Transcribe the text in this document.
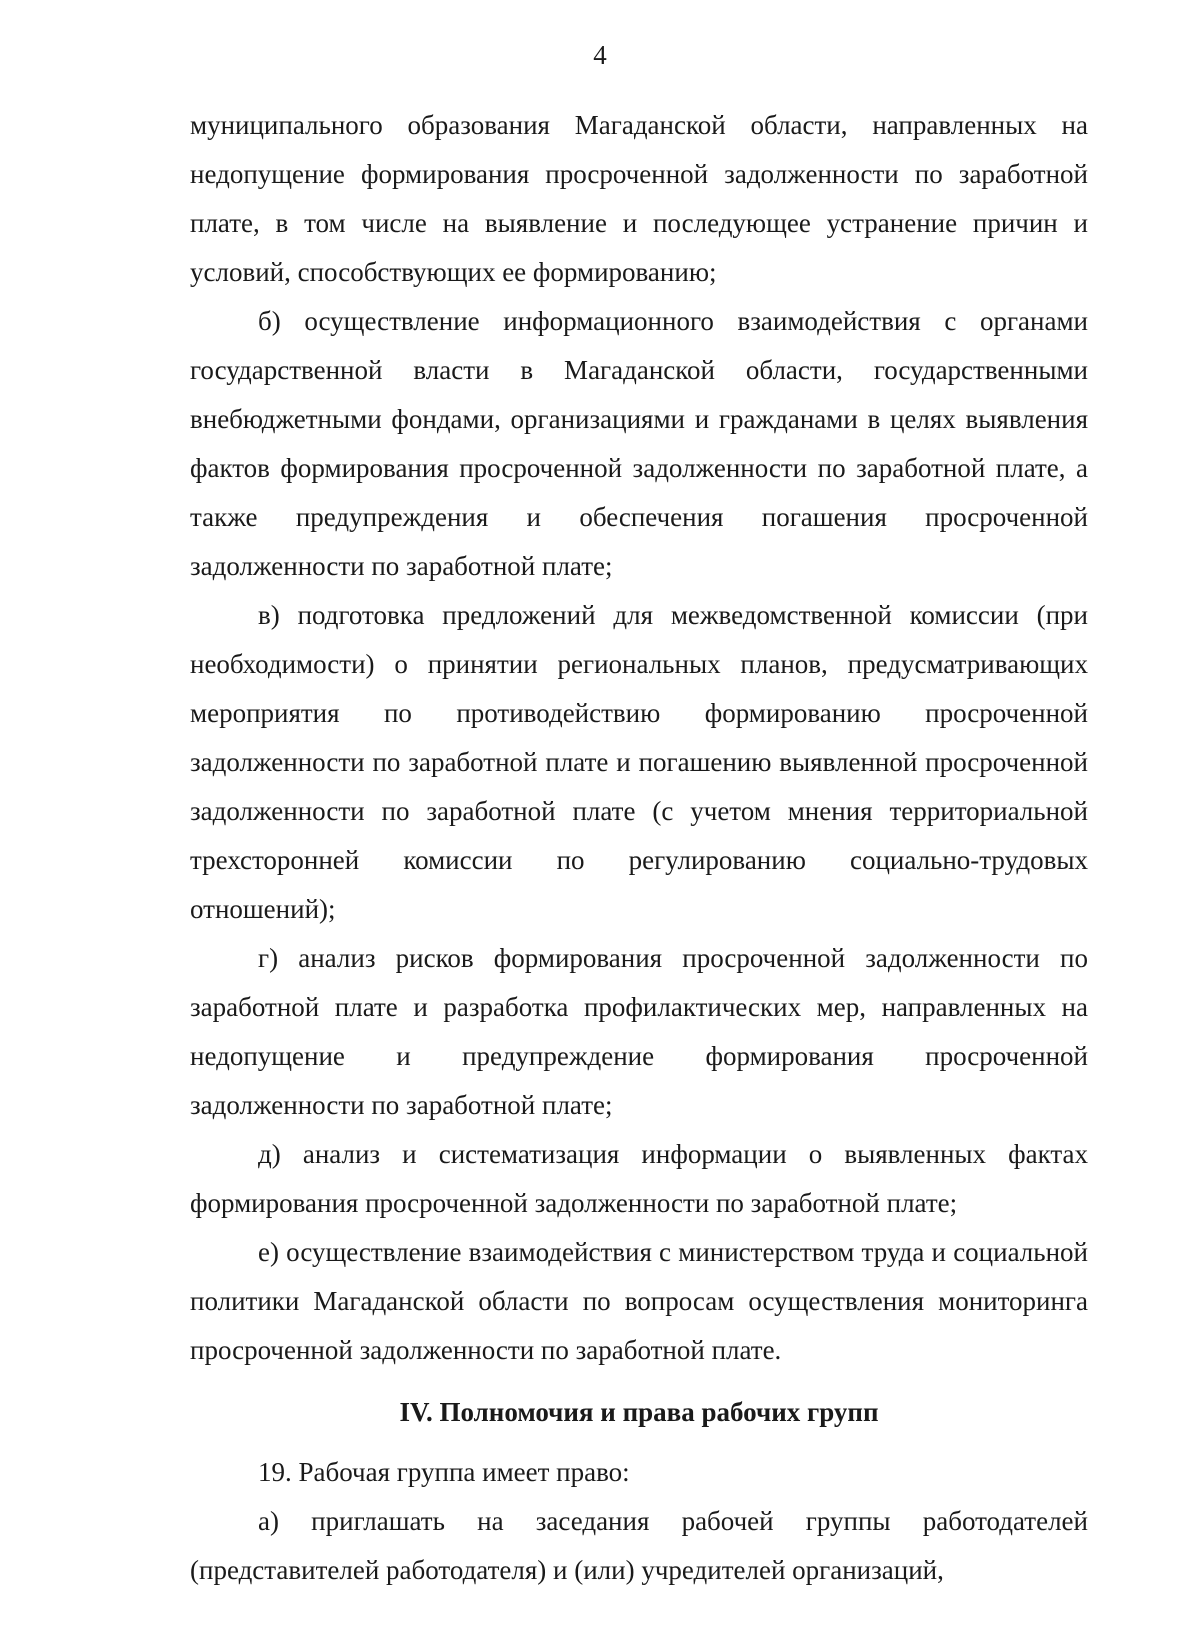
4

муниципального образования Магаданской области, направленных на недопущение формирования просроченной задолженности по заработной плате, в том числе на выявление и последующее устранение причин и условий, способствующих ее формированию;

б) осуществление информационного взаимодействия с органами государственной власти в Магаданской области, государственными внебюджетными фондами, организациями и гражданами в целях выявления фактов формирования просроченной задолженности по заработной плате, а также предупреждения и обеспечения погашения просроченной задолженности по заработной плате;

в) подготовка предложений для межведомственной комиссии (при необходимости) о принятии региональных планов, предусматривающих мероприятия по противодействию формированию просроченной задолженности по заработной плате и погашению выявленной просроченной задолженности по заработной плате (с учетом мнения территориальной трехсторонней комиссии по регулированию социально-трудовых отношений);

г) анализ рисков формирования просроченной задолженности по заработной плате и разработка профилактических мер, направленных на недопущение и предупреждение формирования просроченной задолженности по заработной плате;

д) анализ и систематизация информации о выявленных фактах формирования просроченной задолженности по заработной плате;

е) осуществление взаимодействия с министерством труда и социальной политики Магаданской области по вопросам осуществления мониторинга просроченной задолженности по заработной плате.

IV. Полномочия и права рабочих групп

19. Рабочая группа имеет право:

а) приглашать на заседания рабочей группы работодателей (представителей работодателя) и (или) учредителей организаций,
